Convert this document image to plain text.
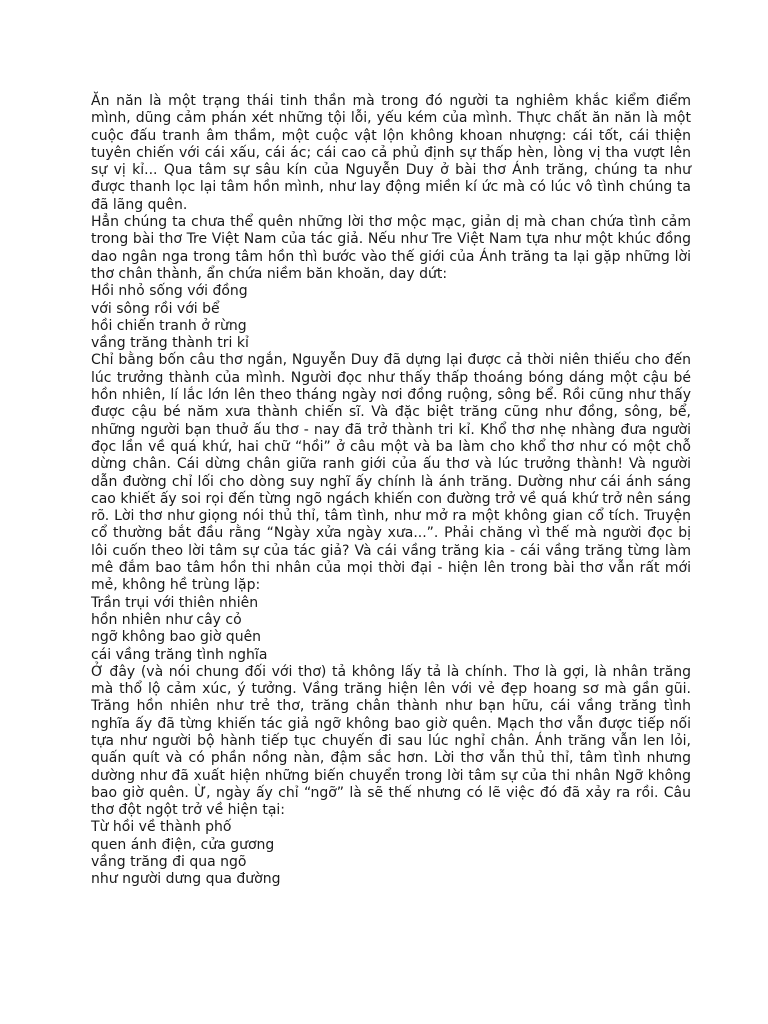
Ăn năn là một trạng thái tinh thần mà trong đó người ta nghiêm khắc kiểm điểm mình, dũng cảm phán xét những tội lỗi, yếu kém của mình. Thực chất ăn năn là một cuộc đấu tranh âm thầm, một cuộc vật lộn không khoan nhượng: cái tốt, cái thiện tuyên chiến với cái xấu, cái ác; cái cao cả phủ định sự thấp hèn, lòng vị tha vượt lên sự vị kỉ... Qua tâm sự sâu kín của Nguyễn Duy ở bài thơ Ánh trăng, chúng ta như được thanh lọc lại tâm hồn mình, như lay động miền kí ức mà có lúc vô tình chúng ta đã lãng quên.

Hẳn chúng ta chưa thể quên những lời thơ mộc mạc, giản dị mà chan chứa tình cảm trong bài thơ Tre Việt Nam của tác giả. Nếu như Tre Việt Nam tựa như một khúc đồng dao ngân nga trong tâm hồn thì bước vào thế giới của Ánh trăng ta lại gặp những lời thơ chân thành, ẩn chứa niềm băn khoăn, day dứt:

Hồi nhỏ sống với đồng
với sông rồi với bể
hồi chiến tranh ở rừng
vầng trăng thành tri kỉ

Chỉ bằng bốn câu thơ ngắn, Nguyễn Duy đã dựng lại được cả thời niên thiếu cho đến lúc trưởng thành của mình. Người đọc như thấy thấp thoáng bóng dáng một cậu bé hồn nhiên, lí lắc lớn lên theo tháng ngày nơi đồng ruộng, sông bể. Rồi cũng như thấy được cậu bé năm xưa thành chiến sĩ. Và đặc biệt trăng cũng như đồng, sông, bể, những người bạn thuở ấu thơ - nay đã trở thành tri kỉ. Khổ thơ nhẹ nhàng đưa người đọc lần về quá khứ, hai chữ “hồi” ở câu một và ba làm cho khổ thơ như có một chỗ dừng chân. Cái dừng chân giữa ranh giới của ấu thơ và lúc trưởng thành! Và người dẫn đường chỉ lối cho dòng suy nghĩ ấy chính là ánh trăng. Dường như cái ánh sáng cao khiết ấy soi rọi đến từng ngõ ngách khiến con đường trở về quá khứ trở nên sáng rõ. Lời thơ như giọng nói thủ thỉ, tâm tình, như mở ra một không gian cổ tích. Truyện cổ thường bắt đầu rằng “Ngày xửa ngày xưa...”. Phải chăng vì thế mà người đọc bị lôi cuốn theo lời tâm sự của tác giả? Và cái vầng trăng kia - cái vầng trăng từng làm mê đắm bao tâm hồn thi nhân của mọi thời đại - hiện lên trong bài thơ vẫn rất mới mẻ, không hề trùng lặp:

Trần trụi với thiên nhiên
hồn nhiên như cây cỏ
ngỡ không bao giờ quên
cái vầng trăng tình nghĩa

Ở đây (và nói chung đối với thơ) tả không lấy tả là chính. Thơ là gợi, là nhân trăng mà thổ lộ cảm xúc, ý tưởng. Vầng trăng hiện lên với vẻ đẹp hoang sơ mà gần gũi. Trăng hồn nhiên như trẻ thơ, trăng chân thành như bạn hữu, cái vầng trăng tình nghĩa ấy đã từng khiến tác giả ngỡ không bao giờ quên. Mạch thơ vẫn được tiếp nối tựa như người bộ hành tiếp tục chuyến đi sau lúc nghỉ chân. Ánh trăng vẫn len lỏi, quấn quít và có phần nồng nàn, đậm sắc hơn. Lời thơ vẫn thủ thỉ, tâm tình nhưng dường như đã xuất hiện những biến chuyển trong lời tâm sự của thi nhân Ngỡ không bao giờ quên. Ừ, ngày ấy chỉ “ngỡ” là sẽ thế nhưng có lẽ việc đó đã xảy ra rồi. Câu thơ đột ngột trở về hiện tại:

Từ hồi về thành phố
quen ánh điện, cửa gương
vầng trăng đi qua ngõ
như người dưng qua đường
